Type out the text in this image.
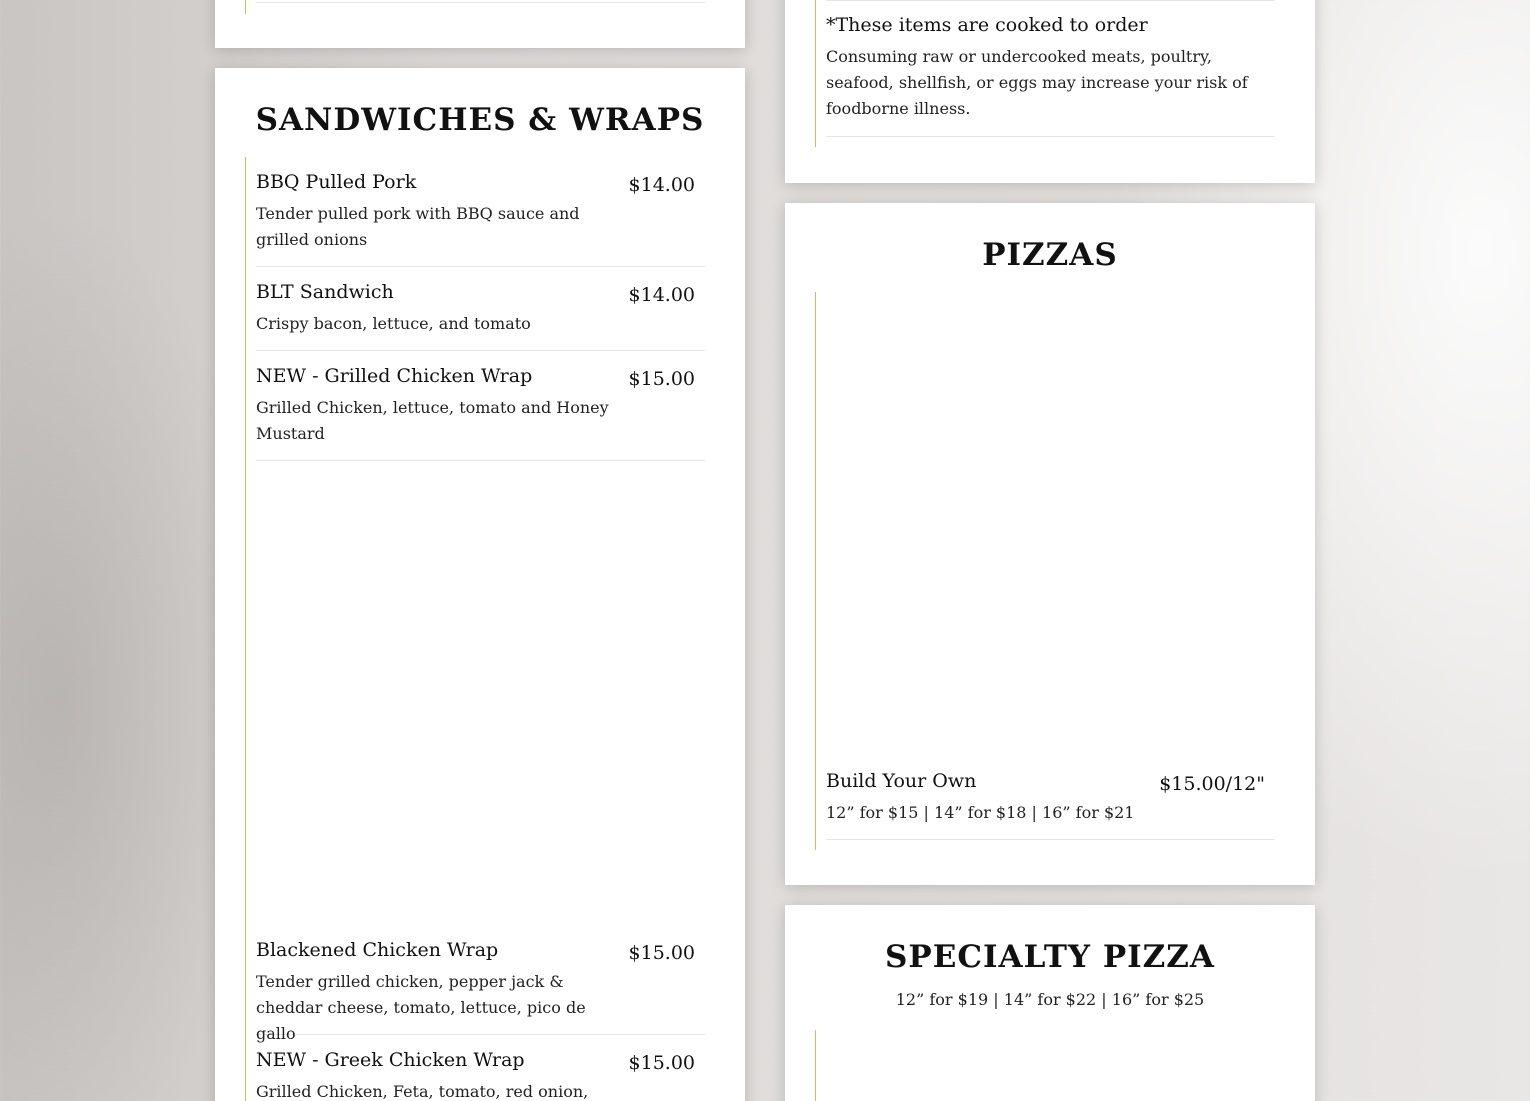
SANDWICHES & WRAPS
BBQ Pulled Pork	$14.00
Tender pulled pork with BBQ sauce and grilled onions
BLT Sandwich	$14.00
Crispy bacon, lettuce, and tomato
NEW - Grilled Chicken Wrap	$15.00
Grilled Chicken, lettuce, tomato and Honey Mustard
Blackened Chicken Wrap	$15.00
Tender grilled chicken, pepper jack & cheddar cheese, tomato, lettuce, pico de gallo
NEW - Greek Chicken Wrap	$15.00
Grilled Chicken, Feta, tomato, red onion,
*These items are cooked to order
Consuming raw or undercooked meats, poultry, seafood, shellfish, or eggs may increase your risk of foodborne illness.
PIZZAS
Build Your Own	$15.00/12"
12” for $15 | 14” for $18 | 16” for $21
SPECIALTY PIZZA
12” for $19 | 14” for $22 | 16” for $25
